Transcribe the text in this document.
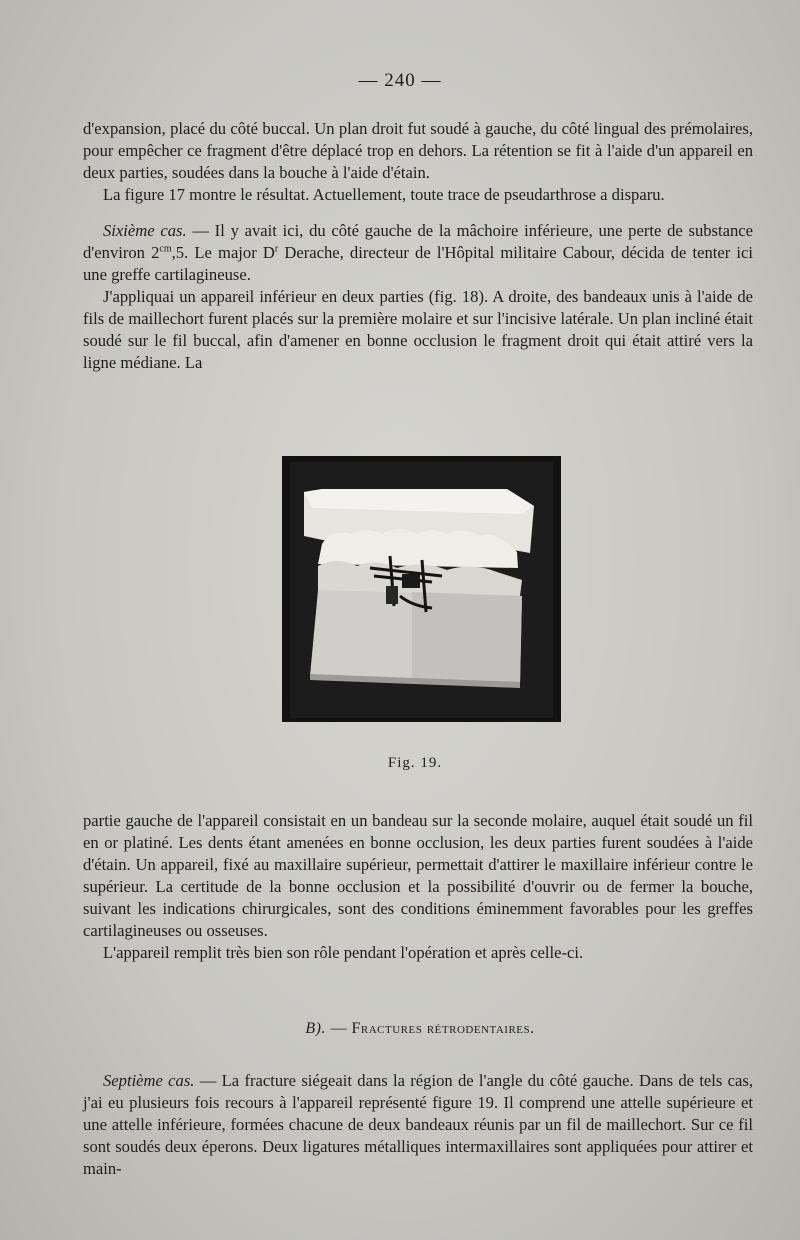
— 240 —

d'expansion, placé du côté buccal. Un plan droit fut soudé à gauche, du côté lingual des prémolaires, pour empêcher ce fragment d'être déplacé trop en dehors. La rétention se fit à l'aide d'un appareil en deux parties, soudées dans la bouche à l'aide d'étain.

La figure 17 montre le résultat. Actuellement, toute trace de pseudarthrose a disparu.

Sixième cas. — Il y avait ici, du côté gauche de la mâchoire inférieure, une perte de substance d'environ $2^{cm},5$. Le major $D^r$ Derache, directeur de l'Hôpital militaire Cabour, décida de tenter ici une greffe cartilagineuse.

J'appliquai un appareil inférieur en deux parties (fig. 18). A droite, des bandeaux unis à l'aide de fils de maillechort furent placés sur la première molaire et sur l'incisive latérale. Un plan incliné était soudé sur le fil buccal, afin d'amener en bonne occlusion le fragment droit qui était attiré vers la ligne médiane. La

Fig. 19.

partie gauche de l'appareil consistait en un bandeau sur la seconde molaire, auquel était soudé un fil en or platiné. Les dents étant amenées en bonne occlusion, les deux parties furent soudées à l'aide d'étain. Un appareil, fixé au maxillaire supérieur, permettait d'attirer le maxillaire inférieur contre le supérieur. La certitude de la bonne occlusion et la possibilité d'ouvrir ou de fermer la bouche, suivant les indications chirurgicales, sont des conditions éminemment favorables pour les greffes cartilagineuses ou osseuses.

L'appareil remplit très bien son rôle pendant l'opération et après celle-ci.

B). — Fractures rétrodentaires.

Septième cas. — La fracture siégeait dans la région de l'angle du côté gauche. Dans de tels cas, j'ai eu plusieurs fois recours à l'appareil représenté figure 19. Il comprend une attelle supérieure et une attelle inférieure, formées chacune de deux bandeaux réunis par un fil de maillechort. Sur ce fil sont soudés deux éperons. Deux ligatures métalliques intermaxillaires sont appliquées pour attirer et main-
